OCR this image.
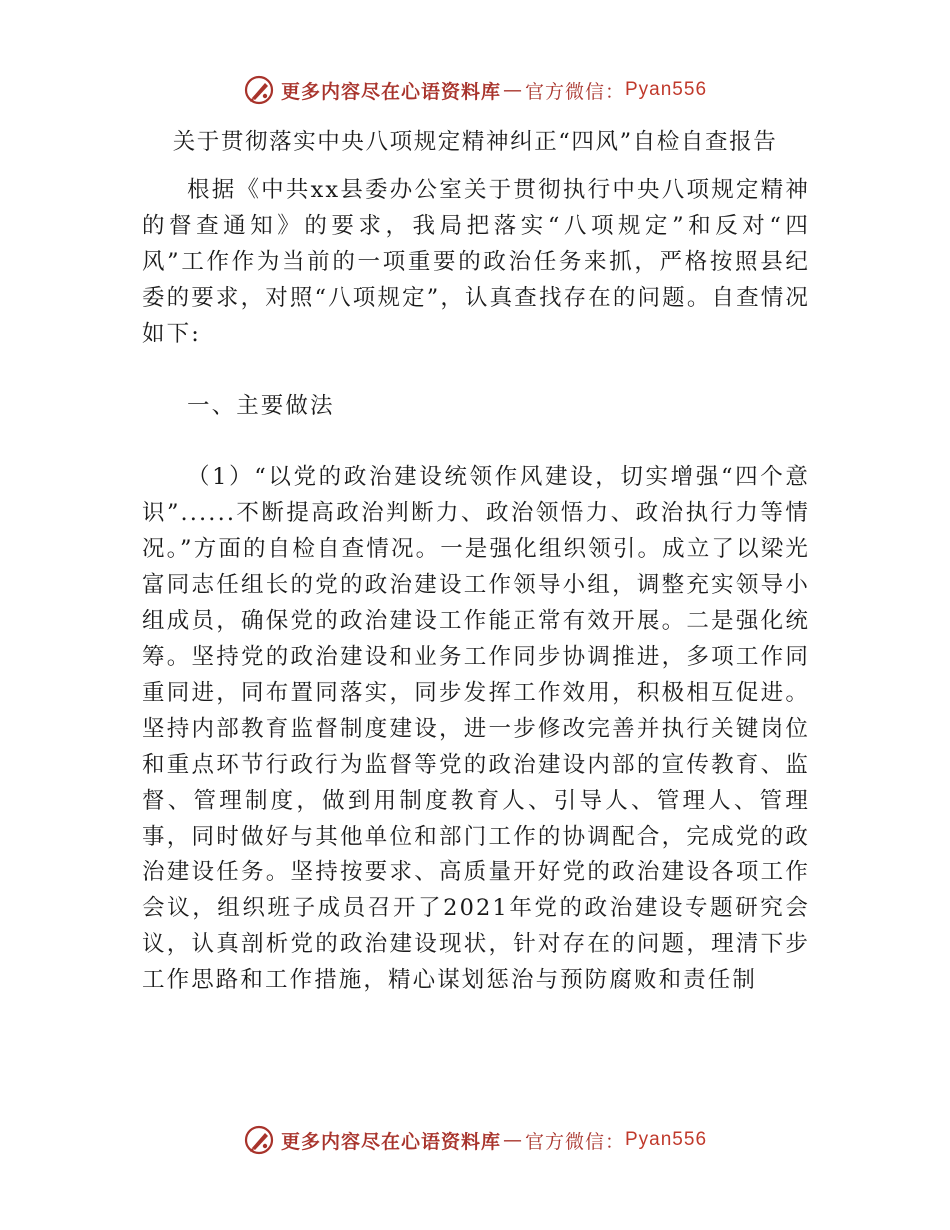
更多内容尽在心语资料库 — 官方微信： Pyan556
关于贯彻落实中央八项规定精神纠正“四风”自检自查报告

根据《中共xx县委办公室关于贯彻执行中央八项规定精神的督查通知》的要求，我局把落实“八项规定”和反对“四风”工作作为当前的一项重要的政治任务来抓，严格按照县纪委的要求，对照“八项规定”，认真查找存在的问题。自查情况如下:

一、主要做法

（1）“以党的政治建设统领作风建设，切实增强“四个意识”......不断提高政治判断力、政治领悟力、政治执行力等情况。”方面的自检自查情况。一是强化组织领引。成立了以梁光富同志任组长的党的政治建设工作领导小组，调整充实领导小组成员，确保党的政治建设工作能正常有效开展。二是强化统筹。坚持党的政治建设和业务工作同步协调推进，多项工作同重同进，同布置同落实，同步发挥工作效用，积极相互促进。坚持内部教育监督制度建设，进一步修改完善并执行关键岗位和重点环节行政行为监督等党的政治建设内部的宣传教育、监督、管理制度，做到用制度教育人、引导人、管理人、管理事，同时做好与其他单位和部门工作的协调配合，完成党的政治建设任务。坚持按要求、高质量开好党的政治建设各项工作会议，组织班子成员召开了2021年党的政治建设专题研究会议，认真剖析党的政治建设现状，针对存在的问题，理清下步工作思路和工作措施，精心谋划惩治与预防腐败和责任制

更多内容尽在心语资料库 — 官方微信： Pyan556
